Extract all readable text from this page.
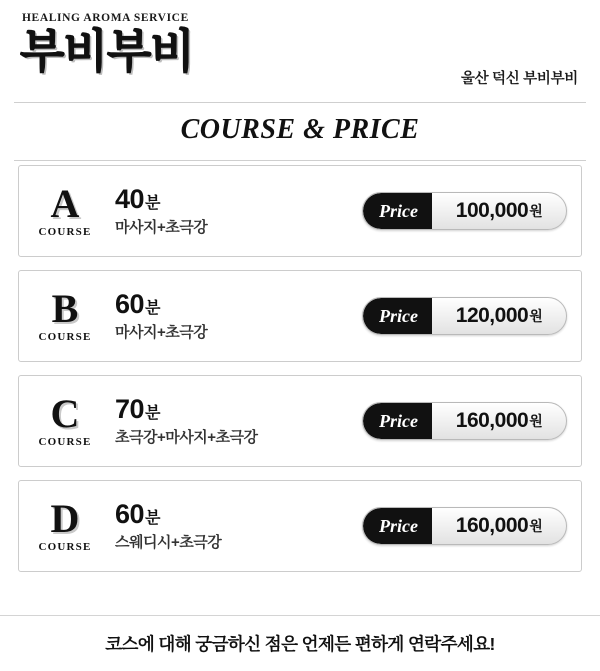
HEALING AROMA SERVICE
부비부비
울산 덕신 부비부비
COURSE & PRICE
A
COURSE
40분
마사지+초극강
Price	100,000 원
B
COURSE
60분
마사지+초극강
Price	120,000 원
C
COURSE
70분
초극강+마사지+초극강
Price	160,000 원
D
COURSE
60분
스웨디시+초극강
Price	160,000 원
코스에 대해 궁금하신 점은 언제든 편하게 연락주세요!
